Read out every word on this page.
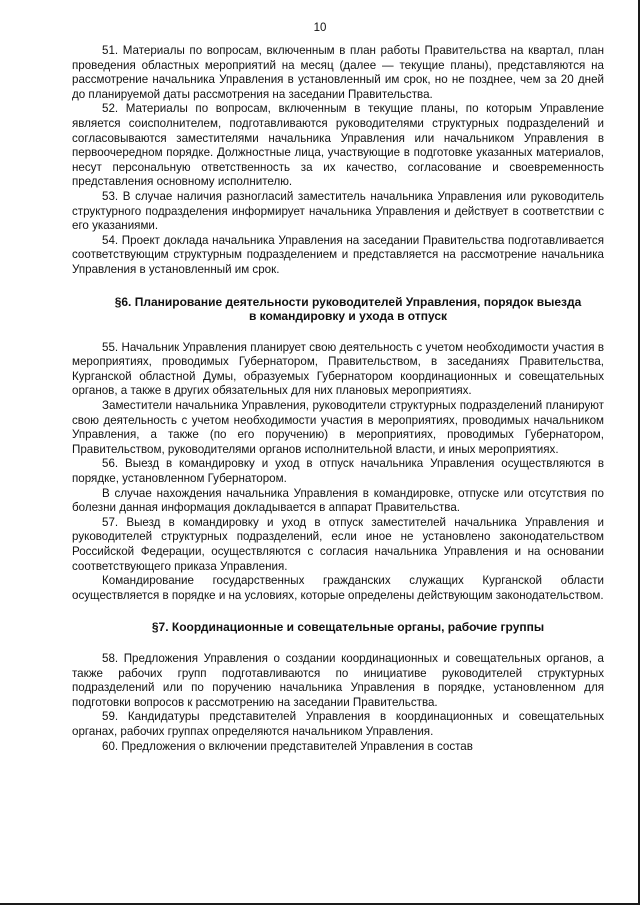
10

51. Материалы по вопросам, включенным в план работы Правительства на квартал, план проведения областных мероприятий на месяц (далее — текущие планы), представляются на рассмотрение начальника Управления в установленный им срок, но не позднее, чем за 20 дней до планируемой даты рассмотрения на заседании Правительства.

52. Материалы по вопросам, включенным в текущие планы, по которым Управление является соисполнителем, подготавливаются руководителями структурных подразделений и согласовываются заместителями начальника Управления или начальником Управления в первоочередном порядке. Должностные лица, участвующие в подготовке указанных материалов, несут персональную ответственность за их качество, согласование и своевременность представления основному исполнителю.

53. В случае наличия разногласий заместитель начальника Управления или руководитель структурного подразделения информирует начальника Управления и действует в соответствии с его указаниями.

54. Проект доклада начальника Управления на заседании Правительства подготавливается соответствующим структурным подразделением и представляется на рассмотрение начальника Управления в установленный им срок.

§6. Планирование деятельности руководителей Управления, порядок выезда в командировку и ухода в отпуск

55. Начальник Управления планирует свою деятельность с учетом необходимости участия в мероприятиях, проводимых Губернатором, Правительством, в заседаниях Правительства, Курганской областной Думы, образуемых Губернатором координационных и совещательных органов, а также в других обязательных для них плановых мероприятиях.

Заместители начальника Управления, руководители структурных подразделений планируют свою деятельность с учетом необходимости участия в мероприятиях, проводимых начальником Управления, а также (по его поручению) в мероприятиях, проводимых Губернатором, Правительством, руководителями органов исполнительной власти, и иных мероприятиях.

56. Выезд в командировку и уход в отпуск начальника Управления осуществляются в порядке, установленном Губернатором.

В случае нахождения начальника Управления в командировке, отпуске или отсутствия по болезни данная информация докладывается в аппарат Правительства.

57. Выезд в командировку и уход в отпуск заместителей начальника Управления и руководителей структурных подразделений, если иное не установлено законодательством Российской Федерации, осуществляются с согласия начальника Управления и на основании соответствующего приказа Управления.

Командирование государственных гражданских служащих Курганской области осуществляется в порядке и на условиях, которые определены действующим законодательством.

§7. Координационные и совещательные органы, рабочие группы

58. Предложения Управления о создании координационных и совещательных органов, а также рабочих групп подготавливаются по инициативе руководителей структурных подразделений или по поручению начальника Управления в порядке, установленном для подготовки вопросов к рассмотрению на заседании Правительства.

59. Кандидатуры представителей Управления в координационных и совещательных органах, рабочих группах определяются начальником Управления.

60. Предложения о включении представителей Управления в состав
